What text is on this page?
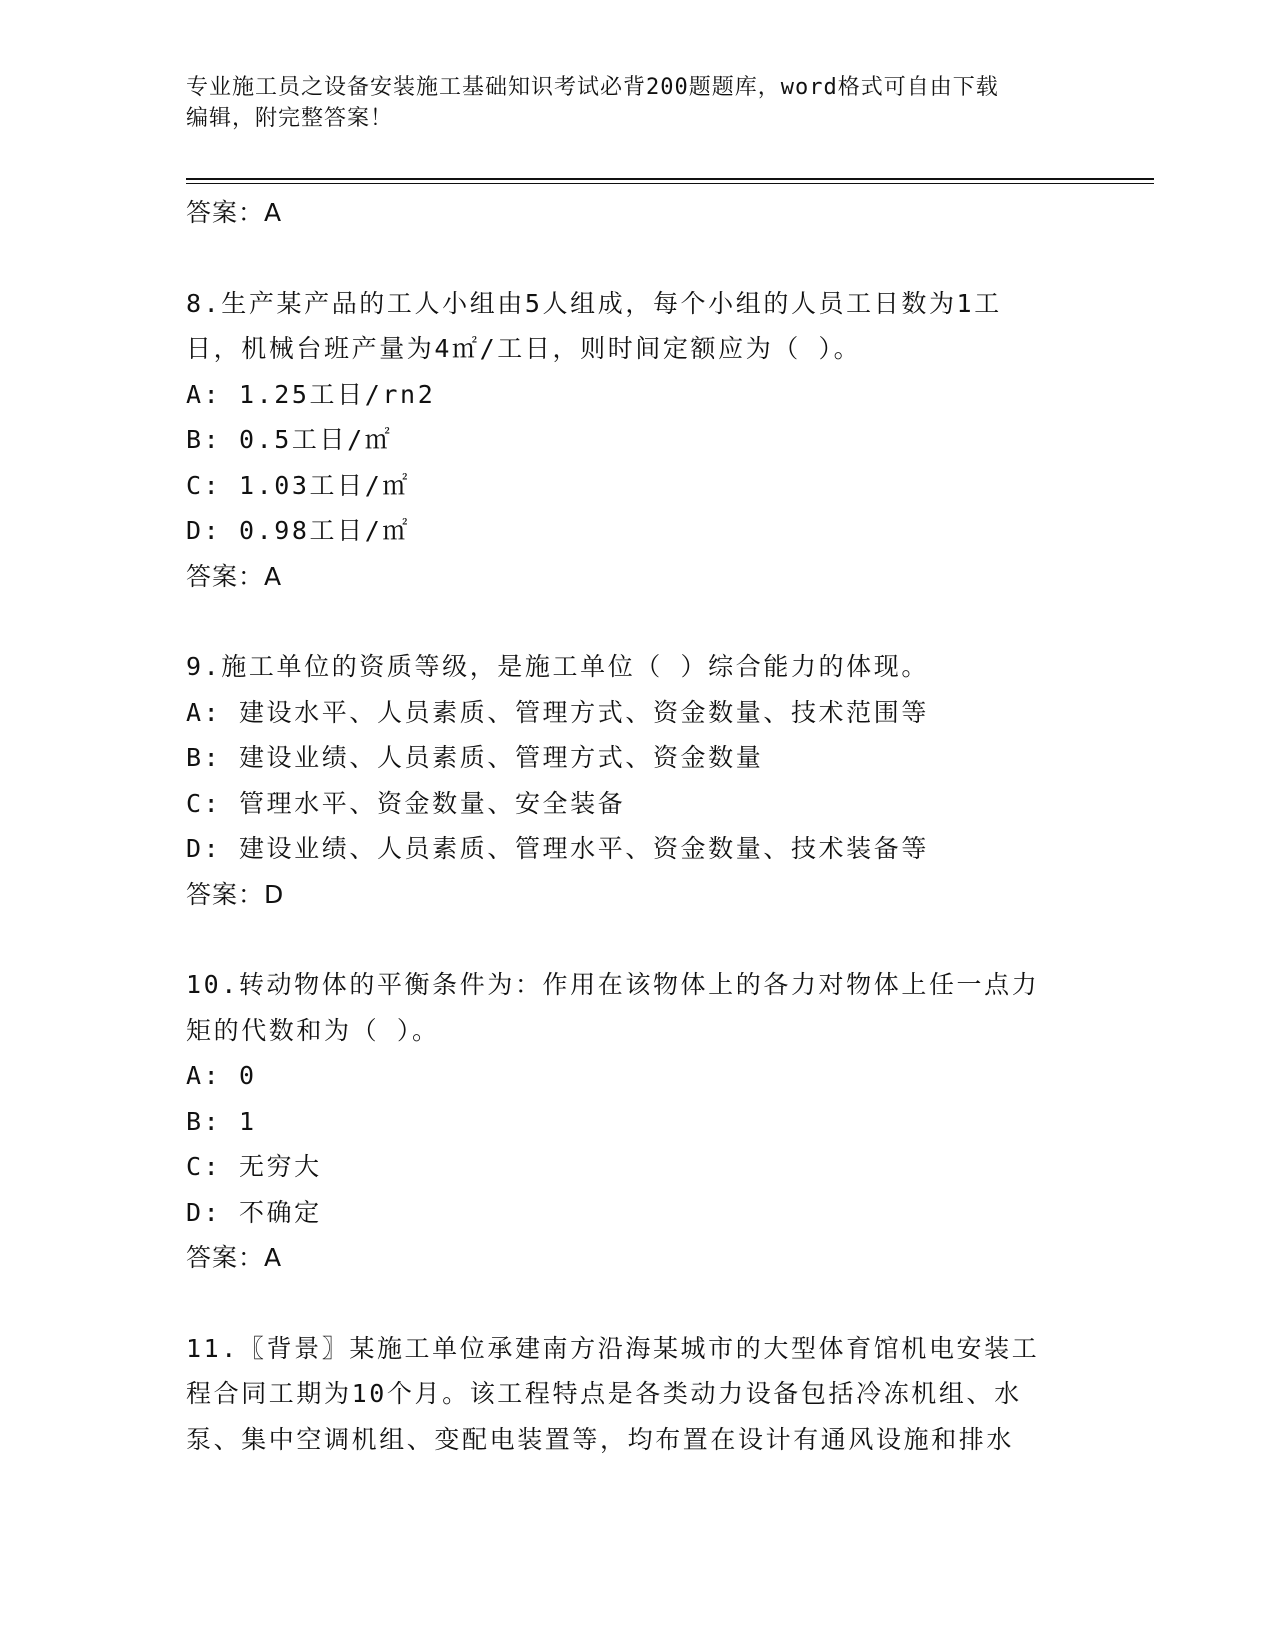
专业施工员之设备安装施工基础知识考试必背200题题库，word格式可自由下载
编辑，附完整答案！
答案：A
8.生产某产品的工人小组由5人组成，每个小组的人员工日数为1工
日，机械台班产量为4㎡/工日，则时间定额应为（ ）。
A: 1.25工日/rn2
B: 0.5工日/㎡
C: 1.03工日/㎡
D: 0.98工日/㎡
答案：A
9.施工单位的资质等级，是施工单位（ ）综合能力的体现。
A: 建设水平、人员素质、管理方式、资金数量、技术范围等
B: 建设业绩、人员素质、管理方式、资金数量
C: 管理水平、资金数量、安全装备
D: 建设业绩、人员素质、管理水平、资金数量、技术装备等
答案：D
10.转动物体的平衡条件为：作用在该物体上的各力对物体上任一点力
矩的代数和为（ ）。
A: 0
B: 1
C: 无穷大
D: 不确定
答案：A
11.〖背景〗某施工单位承建南方沿海某城市的大型体育馆机电安装工
程合同工期为10个月。该工程特点是各类动力设备包括冷冻机组、水
泵、集中空调机组、变配电装置等，均布置在设计有通风设施和排水
